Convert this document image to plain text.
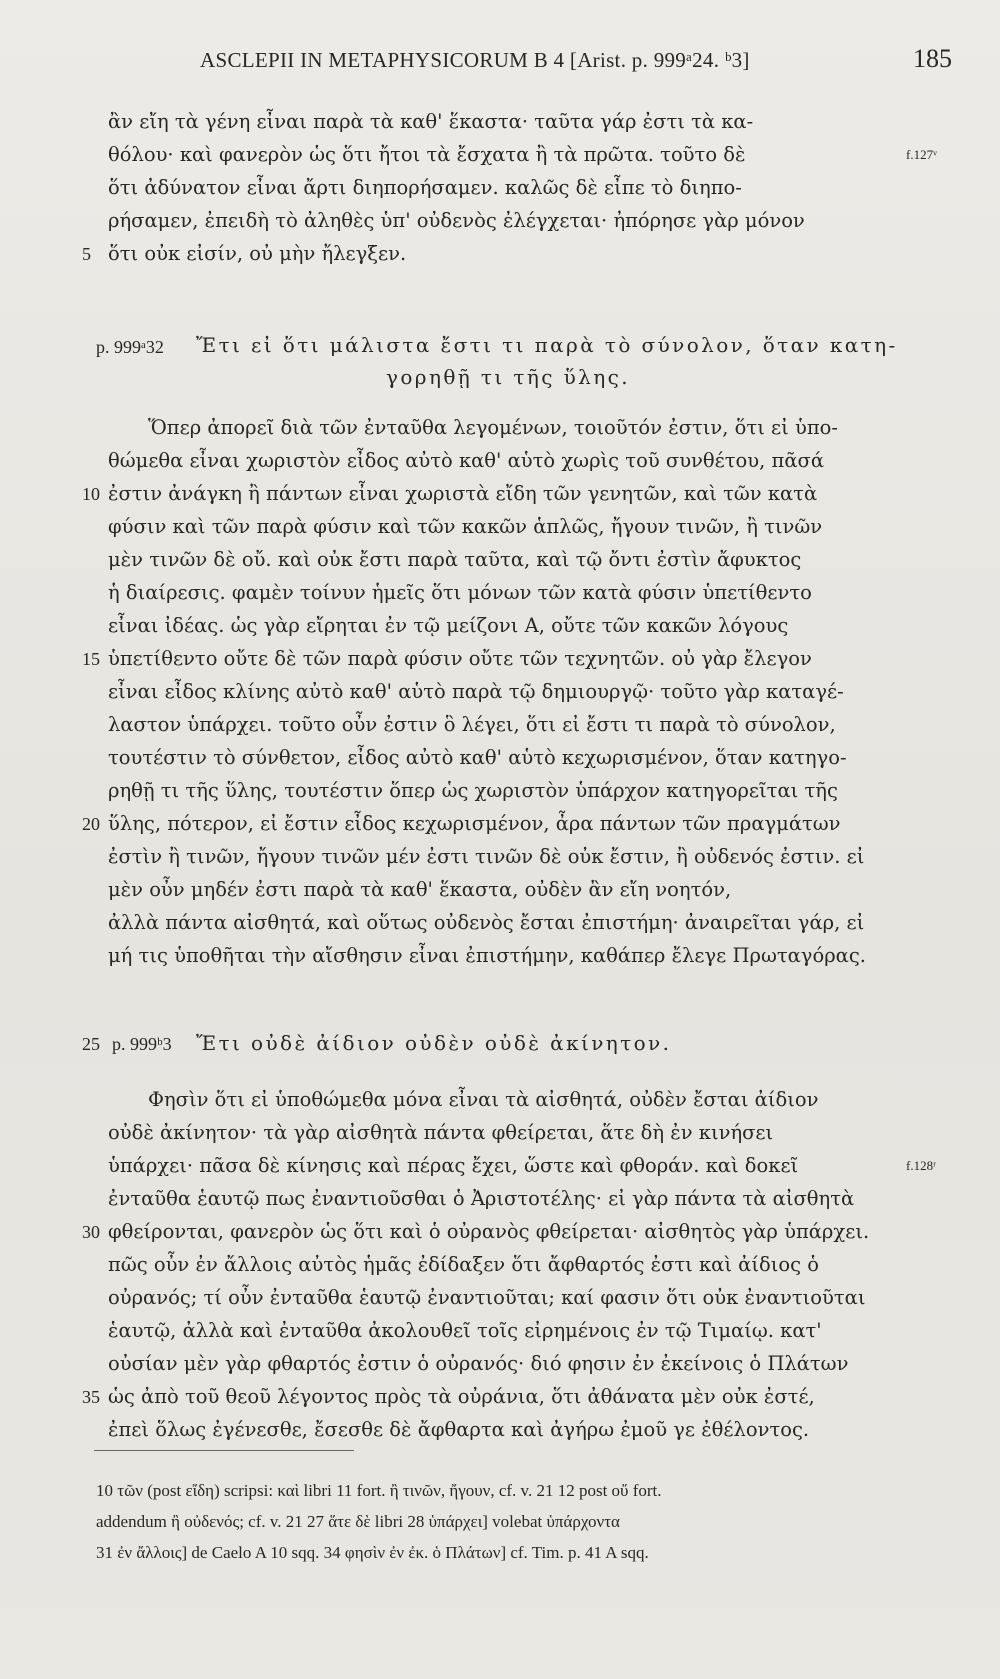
ASCLEPII IN METAPHYSICORUM B 4 [Arist. p. 999ᵃ24. ᵇ3]	185
ἂν εἴη τὰ γένη εἶναι παρὰ τὰ καθ' ἕκαστα· ταῦτα γάρ ἐστι τὰ κα-
θόλου· καὶ φανερὸν ὡς ὅτι ἤτοι τὰ ἔσχατα ἢ τὰ πρῶτα. τοῦτο δὲ	f.127ᵛ
ὅτι ἀδύνατον εἶναι ἄρτι διηπορήσαμεν. καλῶς δὲ εἶπε τὸ διηπο-
ρήσαμεν, ἐπειδὴ τὸ ἀληθὲς ὑπ' οὐδενὸς ἐλέγχεται· ἠπόρησε γὰρ μόνον
5 ὅτι οὐκ εἰσίν, οὐ μὴν ἤλεγξεν.
p. 999ᵃ32 Ἔτι εἰ ὅτι μάλιστα ἔστι τι παρὰ τὸ σύνολον, ὅταν κατη-
γορηθῇ τι τῆς ὕλης.
Ὅπερ ἀπορεῖ διὰ τῶν ἐνταῦθα λεγομένων, τοιοῦτόν ἐστιν, ὅτι εἰ ὑπο-
θώμεθα εἶναι χωριστὸν εἶδος αὐτὸ καθ' αὑτὸ χωρὶς τοῦ συνθέτου, πᾶσά
10 ἐστιν ἀνάγκη ἢ πάντων εἶναι χωριστὰ εἴδη τῶν γενητῶν, καὶ τῶν κατὰ
φύσιν καὶ τῶν παρὰ φύσιν καὶ τῶν κακῶν ἁπλῶς, ἤγουν τινῶν, ἢ τινῶν
μὲν τινῶν δὲ οὔ. καὶ οὐκ ἔστι παρὰ ταῦτα, καὶ τῷ ὄντι ἐστὶν ἄφυκτος
ἡ διαίρεσις. φαμὲν τοίνυν ἡμεῖς ὅτι μόνων τῶν κατὰ φύσιν ὑπετίθεντο
εἶναι ἰδέας. ὡς γὰρ εἴρηται ἐν τῷ μείζονι Α, οὔτε τῶν κακῶν λόγους
15 ὑπετίθεντο οὔτε δὲ τῶν παρὰ φύσιν οὔτε τῶν τεχνητῶν. οὐ γὰρ ἔλεγον
εἶναι εἶδος κλίνης αὐτὸ καθ' αὑτὸ παρὰ τῷ δημιουργῷ· τοῦτο γὰρ καταγέ-
λαστον ὑπάρχει. τοῦτο οὖν ἐστιν ὃ λέγει, ὅτι εἰ ἔστι τι παρὰ τὸ σύνολον,
τουτέστιν τὸ σύνθετον, εἶδος αὐτὸ καθ' αὑτὸ κεχωρισμένον, ὅταν κατηγο-
ρηθῇ τι τῆς ὕλης, τουτέστιν ὅπερ ὡς χωριστὸν ὑπάρχον κατηγορεῖται τῆς
20 ὕλης, πότερον, εἰ ἔστιν εἶδος κεχωρισμένον, ἆρα πάντων τῶν πραγμάτων
ἐστὶν ἢ τινῶν, ἤγουν τινῶν μέν ἐστι τινῶν δὲ οὐκ ἔστιν, ἢ οὐδενός ἐστιν. εἰ
μὲν οὖν μηδέν ἐστι παρὰ τὰ καθ' ἕκαστα, οὐδὲν ἂν εἴη νοητόν,
ἀλλὰ πάντα αἰσθητά, καὶ οὕτως οὐδενὸς ἔσται ἐπιστήμη· ἀναιρεῖται γάρ, εἰ
μή τις ὑποθῆται τὴν αἴσθησιν εἶναι ἐπιστήμην, καθάπερ ἔλεγε Πρωταγόρας.
25 p. 999ᵇ3 Ἔτι οὐδὲ ἀίδιον οὐδὲν οὐδὲ ἀκίνητον.
Φησὶν ὅτι εἰ ὑποθώμεθα μόνα εἶναι τὰ αἰσθητά, οὐδὲν ἔσται ἀίδιον
οὐδὲ ἀκίνητον· τὰ γὰρ αἰσθητὰ πάντα φθείρεται, ἅτε δὴ ἐν κινήσει
ὑπάρχει· πᾶσα δὲ κίνησις καὶ πέρας ἔχει, ὥστε καὶ φθοράν. καὶ δοκεῖ	f.128ʳ
ἐνταῦθα ἑαυτῷ πως ἐναντιοῦσθαι ὁ Ἀριστοτέλης· εἰ γὰρ πάντα τὰ αἰσθητὰ
30 φθείρονται, φανερὸν ὡς ὅτι καὶ ὁ οὐρανὸς φθείρεται· αἰσθητὸς γὰρ ὑπάρχει.
πῶς οὖν ἐν ἄλλοις αὐτὸς ἡμᾶς ἐδίδαξεν ὅτι ἄφθαρτός ἐστι καὶ ἀίδιος ὁ
οὐρανός; τί οὖν ἐνταῦθα ἑαυτῷ ἐναντιοῦται; καί φασιν ὅτι οὐκ ἐναντιοῦται
ἑαυτῷ, ἀλλὰ καὶ ἐνταῦθα ἀκολουθεῖ τοῖς εἰρημένοις ἐν τῷ Τιμαίῳ. κατ'
οὐσίαν μὲν γὰρ φθαρτός ἐστιν ὁ οὐρανός· διό φησιν ἐν ἐκείνοις ὁ Πλάτων
35 ὡς ἀπὸ τοῦ θεοῦ λέγοντος πρὸς τὰ οὐράνια, ὅτι ἀθάνατα μὲν οὐκ ἐστέ,
ἐπεὶ ὅλως ἐγένεσθε, ἔσεσθε δὲ ἄφθαρτα καὶ ἀγήρω ἐμοῦ γε ἐθέλοντος.
10 τῶν (post εἴδη) scripsi: καὶ libri 11 fort. ἢ τινῶν, ἤγουν, cf. v. 21 12 post οὔ fort.
addendum ἢ οὐδενός; cf. v. 21 27 ἅτε δὲ libri 28 ὑπάρχει] volebat ὑπάρχοντα
31 ἐν ἄλλοις] de Caelo A 10 sqq. 34 φησὶν ἐν ἐκ. ὁ Πλάτων] cf. Tim. p. 41 A sqq.
